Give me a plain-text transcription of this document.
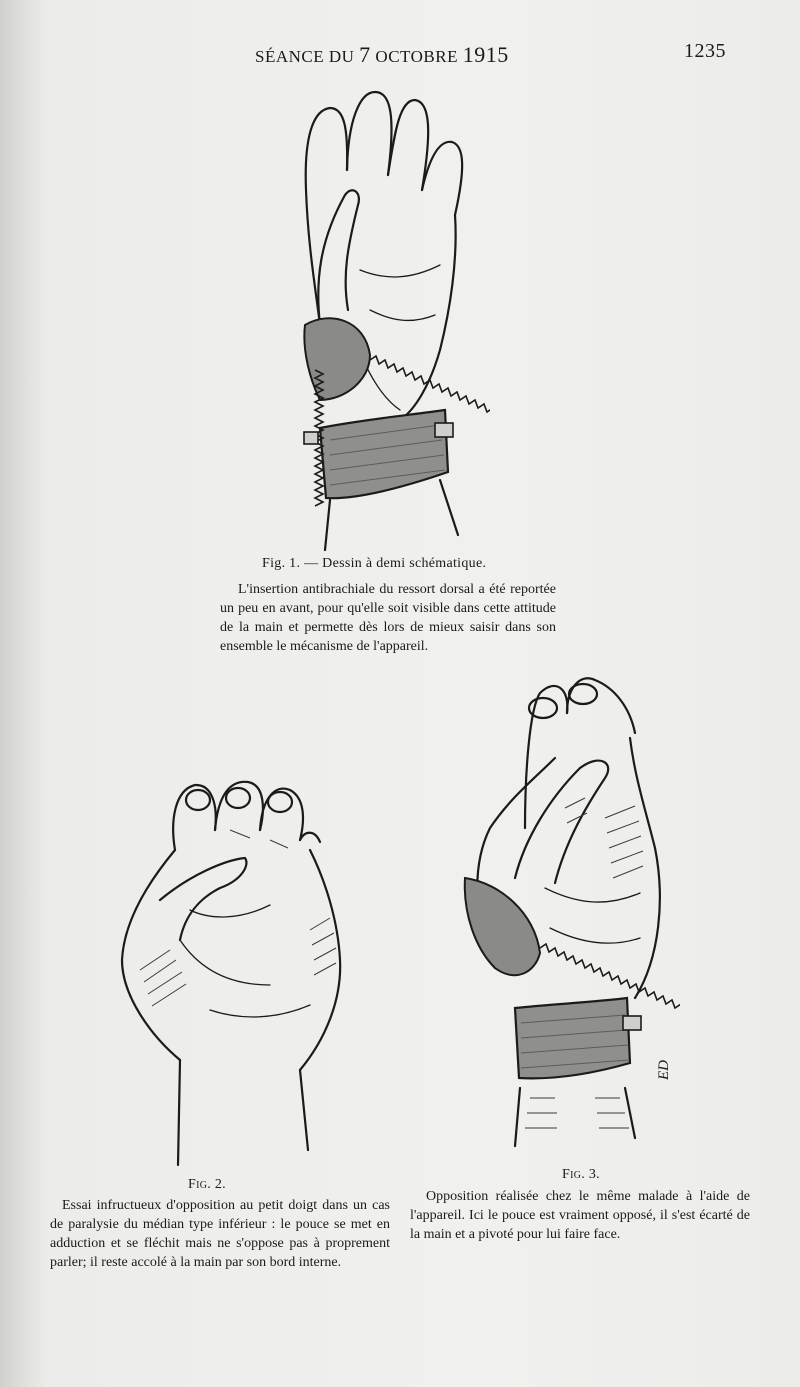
SÉANCE DU 7 OCTOBRE 1915	1235
Fig. 1. — Dessin à demi schématique.
L'insertion antibrachiale du ressort dorsal a été reportée un peu en avant, pour qu'elle soit visible dans cette attitude de la main et permette dès lors de mieux saisir dans son ensemble le mécanisme de l'appareil.
Fig. 2.
Essai infructueux d'opposition au petit doigt dans un cas de paralysie du médian type inférieur : le pouce se met en adduction et se fléchit mais ne s'oppose pas à proprement parler; il reste accolé à la main par son bord interne.
Fig. 3.
Opposition réalisée chez le même malade à l'aide de l'appareil. Ici le pouce est vraiment opposé, il s'est écarté de la main et a pivoté pour lui faire face.
ED
